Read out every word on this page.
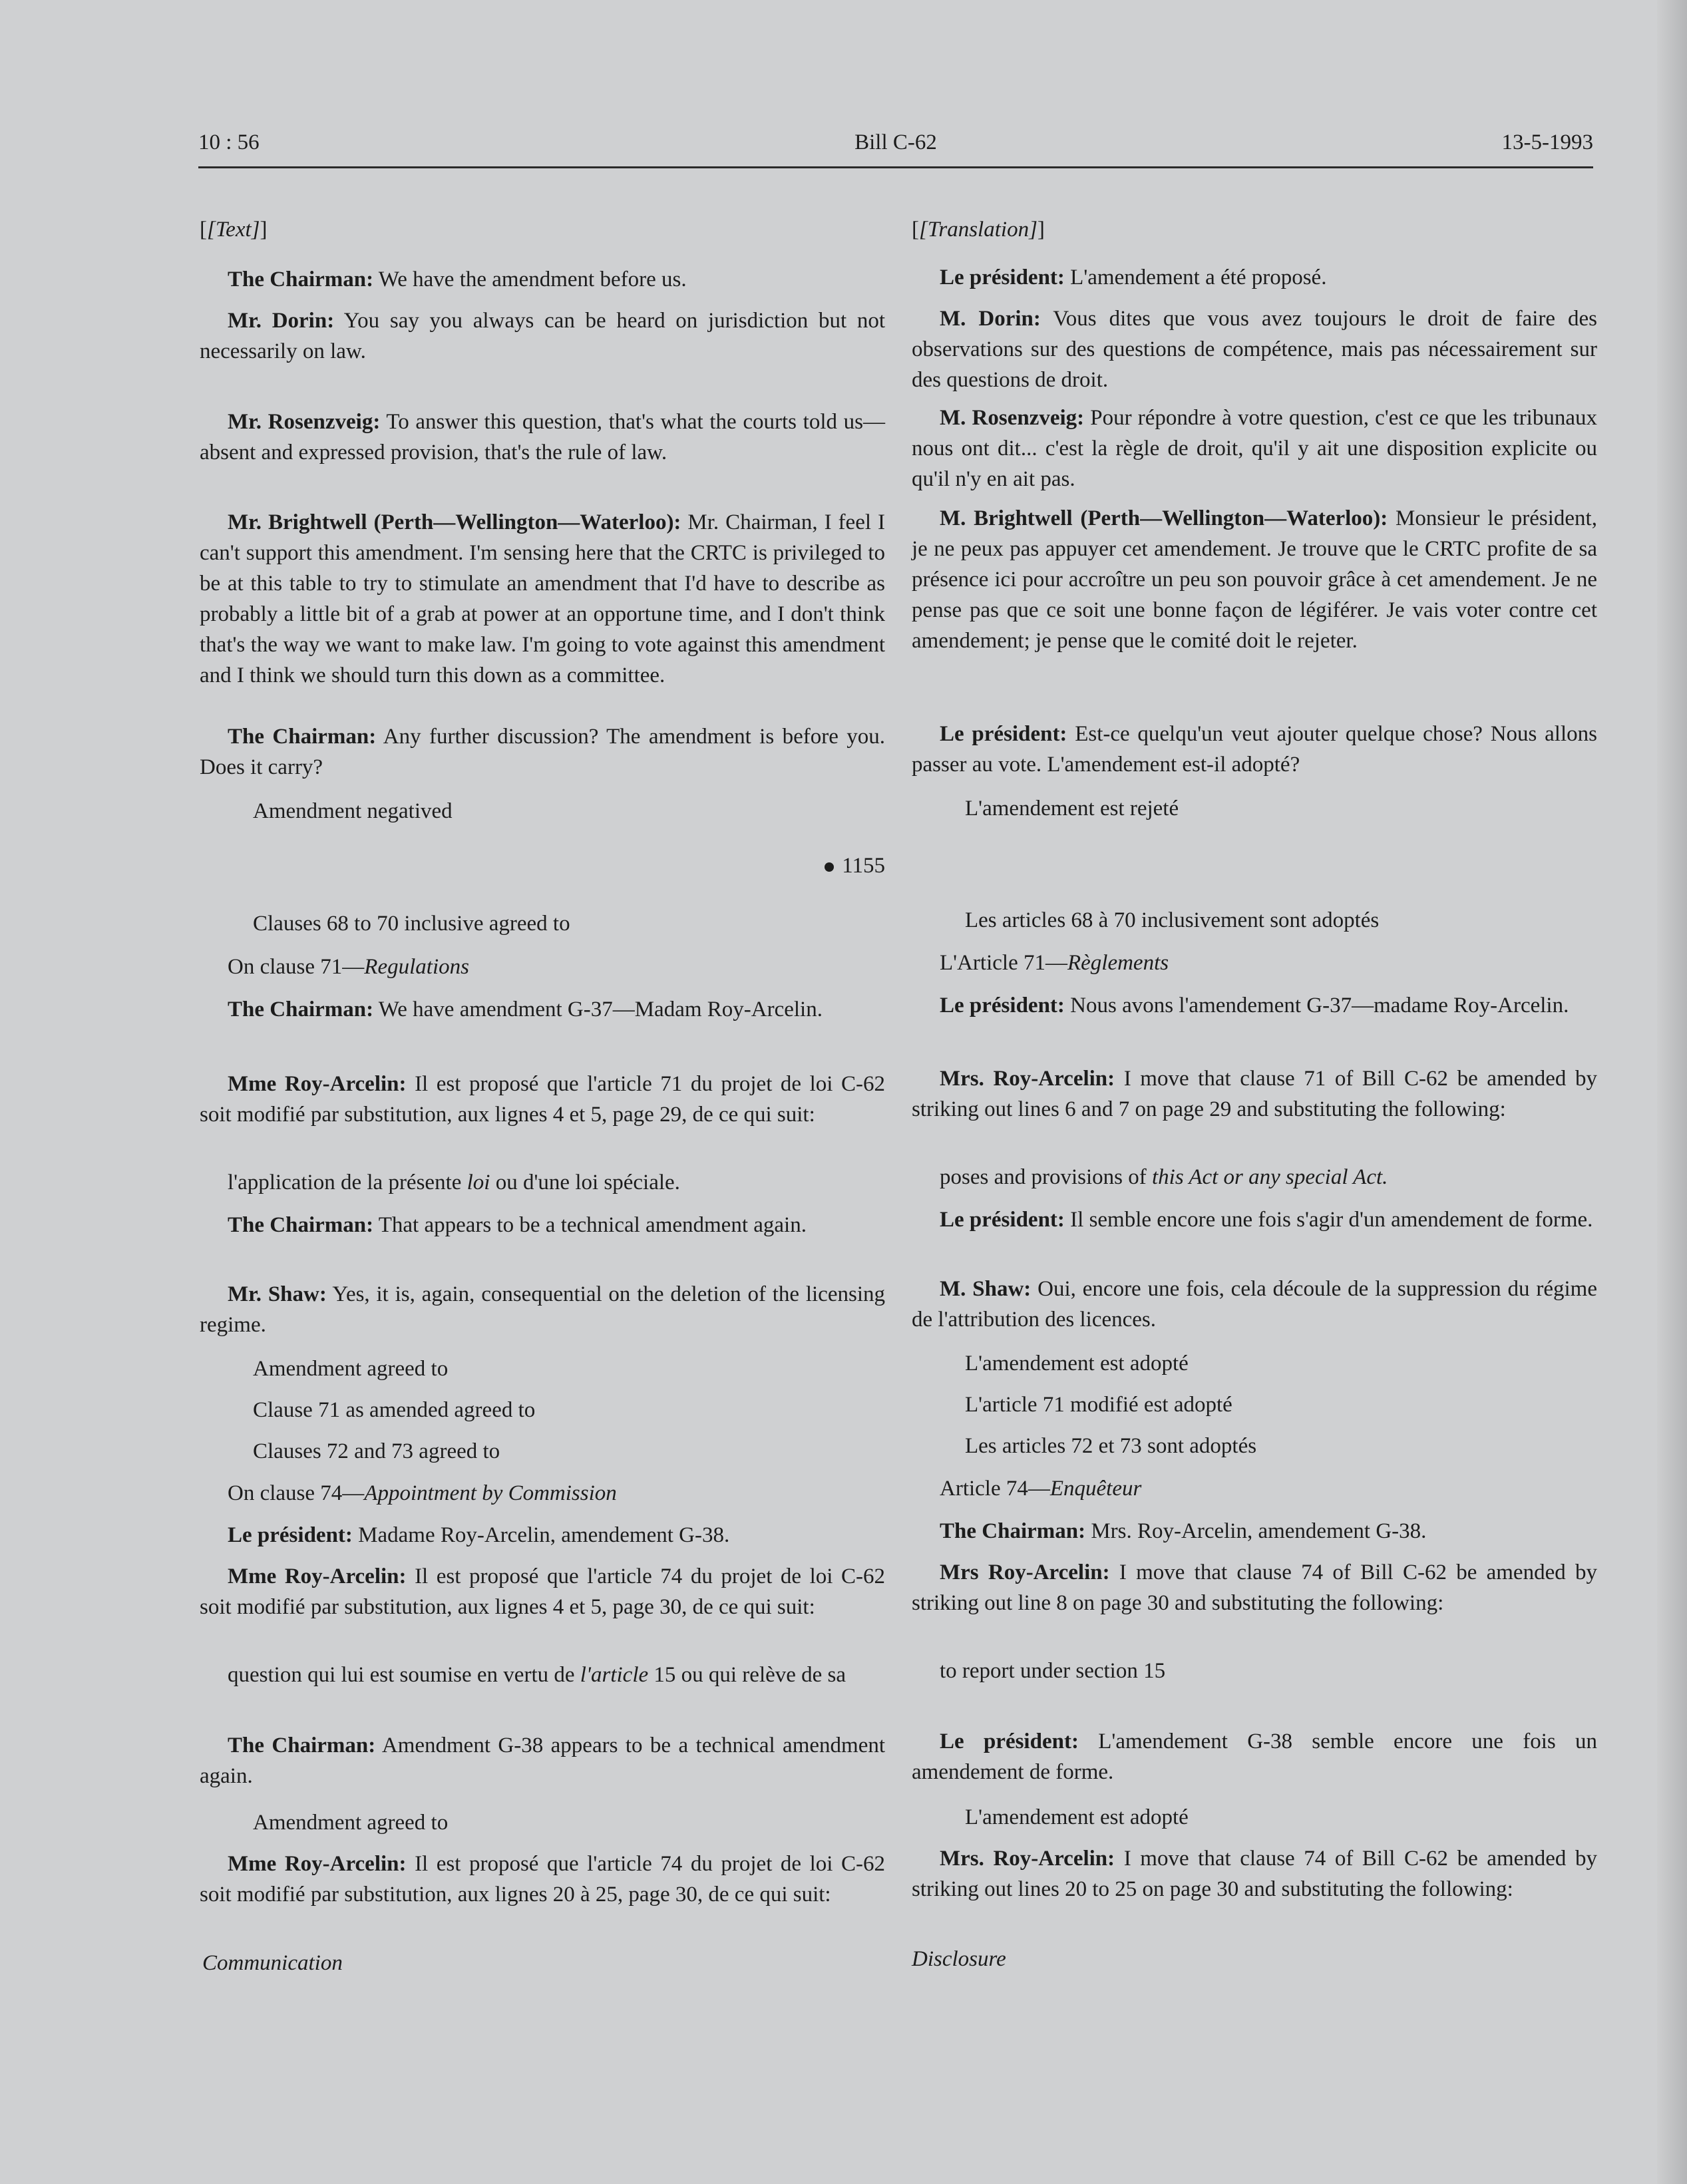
10 : 56	Bill C-62	13-5-1993

[[Text]]

The Chairman: We have the amendment before us.

Mr. Dorin: You say you always can be heard on jurisdiction but not necessarily on law.

Mr. Rosenzveig: To answer this question, that's what the courts told us—absent and expressed provision, that's the rule of law.

Mr. Brightwell (Perth—Wellington—Waterloo): Mr. Chairman, I feel I can't support this amendment. I'm sensing here that the CRTC is privileged to be at this table to try to stimulate an amendment that I'd have to describe as probably a little bit of a grab at power at an opportune time, and I don't think that's the way we want to make law. I'm going to vote against this amendment and I think we should turn this down as a committee.

The Chairman: Any further discussion? The amendment is before you. Does it carry?

Amendment negatived

1155

Clauses 68 to 70 inclusive agreed to

On clause 71—Regulations

The Chairman: We have amendment G-37—Madam Roy-Arcelin.

Mme Roy-Arcelin: Il est proposé que l'article 71 du projet de loi C-62 soit modifié par substitution, aux lignes 4 et 5, page 29, de ce qui suit:

l'application de la présente loi ou d'une loi spéciale.

The Chairman: That appears to be a technical amendment again.

Mr. Shaw: Yes, it is, again, consequential on the deletion of the licensing regime.

Amendment agreed to

Clause 71 as amended agreed to

Clauses 72 and 73 agreed to

On clause 74—Appointment by Commission

Le président: Madame Roy-Arcelin, amendement G-38.

Mme Roy-Arcelin: Il est proposé que l'article 74 du projet de loi C-62 soit modifié par substitution, aux lignes 4 et 5, page 30, de ce qui suit:

question qui lui est soumise en vertu de l'article 15 ou qui relève de sa

The Chairman: Amendment G-38 appears to be a technical amendment again.

Amendment agreed to

Mme Roy-Arcelin: Il est proposé que l'article 74 du projet de loi C-62 soit modifié par substitution, aux lignes 20 à 25, page 30, de ce qui suit:

Communication

[[Translation]]

Le président: L'amendement a été proposé.

M. Dorin: Vous dites que vous avez toujours le droit de faire des observations sur des questions de compétence, mais pas nécessairement sur des questions de droit.

M. Rosenzveig: Pour répondre à votre question, c'est ce que les tribunaux nous ont dit... c'est la règle de droit, qu'il y ait une disposition explicite ou qu'il n'y en ait pas.

M. Brightwell (Perth—Wellington—Waterloo): Monsieur le président, je ne peux pas appuyer cet amendement. Je trouve que le CRTC profite de sa présence ici pour accroître un peu son pouvoir grâce à cet amendement. Je ne pense pas que ce soit une bonne façon de légiférer. Je vais voter contre cet amendement; je pense que le comité doit le rejeter.

Le président: Est-ce quelqu'un veut ajouter quelque chose? Nous allons passer au vote. L'amendement est-il adopté?

L'amendement est rejeté

Les articles 68 à 70 inclusivement sont adoptés

L'Article 71—Règlements

Le président: Nous avons l'amendement G-37—madame Roy-Arcelin.

Mrs. Roy-Arcelin: I move that clause 71 of Bill C-62 be amended by striking out lines 6 and 7 on page 29 and substituting the following:

poses and provisions of this Act or any special Act.

Le président: Il semble encore une fois s'agir d'un amendement de forme.

M. Shaw: Oui, encore une fois, cela découle de la suppression du régime de l'attribution des licences.

L'amendement est adopté

L'article 71 modifié est adopté

Les articles 72 et 73 sont adoptés

Article 74—Enquêteur

The Chairman: Mrs. Roy-Arcelin, amendement G-38.

Mrs Roy-Arcelin: I move that clause 74 of Bill C-62 be amended by striking out line 8 on page 30 and substituting the following:

to report under section 15

Le président: L'amendement G-38 semble encore une fois un amendement de forme.

L'amendement est adopté

Mrs. Roy-Arcelin: I move that clause 74 of Bill C-62 be amended by striking out lines 20 to 25 on page 30 and substituting the following:

Disclosure
